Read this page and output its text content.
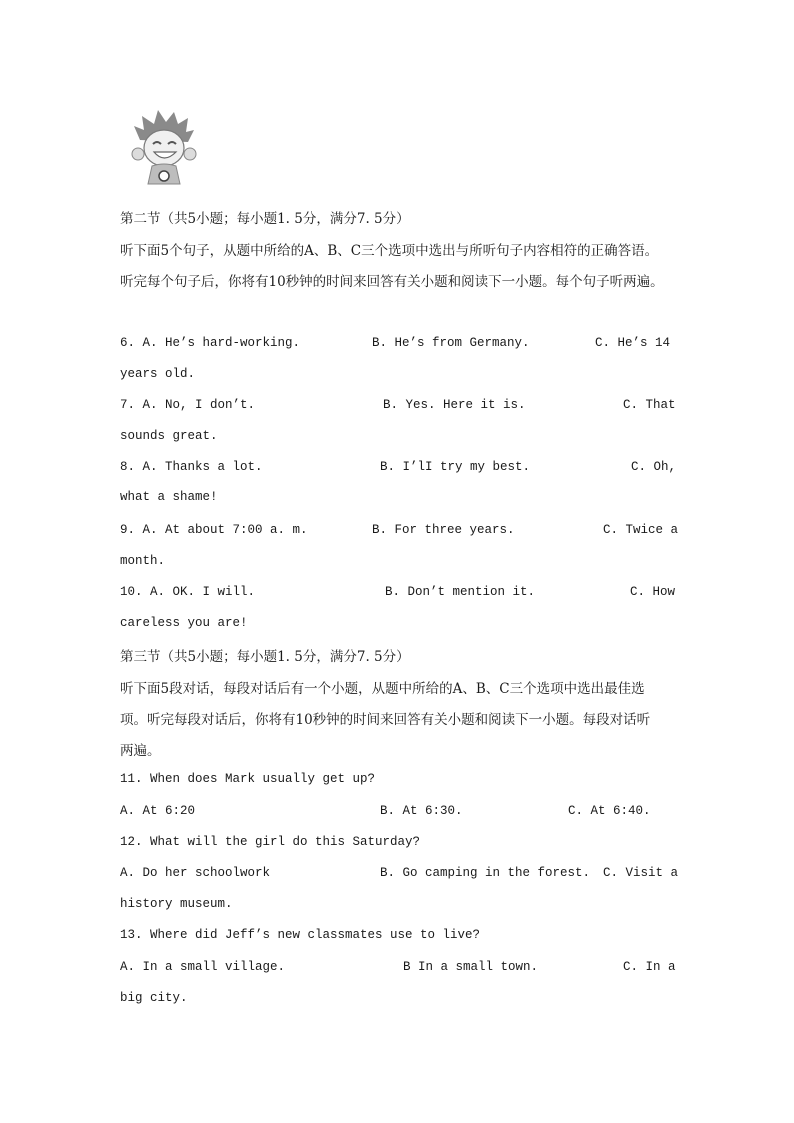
第二节（共5小题；每小题1. 5分，满分7. 5分）
听下面5个句子，从题中所给的A、B、C三个选项中选出与所听句子内容相符的正确答语。
听完每个句子后，你将有10秒钟的时间来回答有关小题和阅读下一小题。每个句子听两遍。
6. A. He’s hard-working.	B. He’s from Germany.	C. He’s 14
years old.
7. A. No, I don’t.	B. Yes. Here it is.	C. That
sounds great.
8. A. Thanks a lot.	B. I’lI try my best.	C. Oh,
what a shame!
9. A. At about 7:00 a. m.	B. For three years.	C. Twice a
month.
10. A. OK. I will.	B. Don’t mention it.	C. How
careless you are!
第三节（共5小题；每小题1. 5分，满分7. 5分）
听下面5段对话，每段对话后有一个小题，从题中所给的A、B、C三个选项中选出最佳选
项。听完每段对话后，你将有10秒钟的时间来回答有关小题和阅读下一小题。每段对话听
两遍。
11. When does Mark usually get up?
A. At 6:20	B. At 6:30.	C. At 6:40.
12. What will the girl do this Saturday?
A. Do her schoolwork	B. Go camping in the forest. C. Visit a
history museum.
13. Where did Jeff’s new classmates use to live?
A. In a small village.	B In a small town.	C. In a
big city.
